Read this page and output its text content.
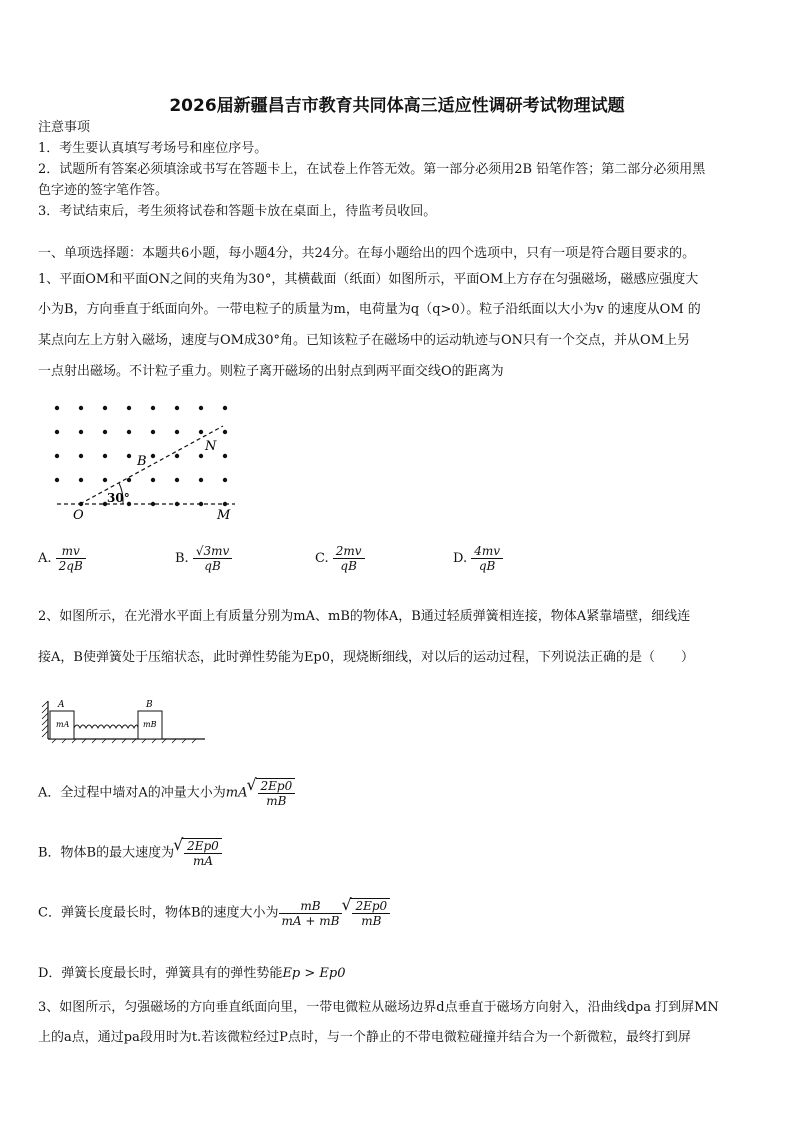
2026届新疆昌吉市教育共同体高三适应性调研考试物理试题
注意事项
1．考生要认真填写考场号和座位序号。
2．试题所有答案必须填涂或书写在答题卡上，在试卷上作答无效。第一部分必须用2B 铅笔作答；第二部分必须用黑
色字迹的签字笔作答。
3．考试结束后，考生须将试卷和答题卡放在桌面上，待监考员收回。
一、单项选择题：本题共6小题，每小题4分，共24分。在每小题给出的四个选项中，只有一项是符合题目要求的。
1、平面OM和平面ON之间的夹角为30°，其横截面（纸面）如图所示，平面OM上方存在匀强磁场，磁感应强度大
小为B，方向垂直于纸面向外。一带电粒子的质量为m，电荷量为q（q>0）。粒子沿纸面以大小为v 的速度从OM 的
某点向左上方射入磁场，速度与OM成30°角。已知该粒子在磁场中的运动轨迹与ON只有一个交点，并从OM上另
一点射出磁场。不计粒子重力。则粒子离开磁场的出射点到两平面交线O的距离为
B
N
O	M
30°
A. $\frac{mv}{2qB}$	B. $\frac{√3mv}{qB}$	C. $\frac{2mv}{qB}$	D. $\frac{4mv}{qB}$
2、如图所示，在光滑水平面上有质量分别为mA、mB的物体A，B通过轻质弹簧相连接，物体A紧靠墙壁，细线连
接A，B使弹簧处于压缩状态，此时弹性势能为Ep0，现烧断细线，对以后的运动过程，下列说法正确的是（　　）
mA	mB
A	B
A．全过程中墙对A的冲量大小为mA √ $\frac{2Ep0}{mB}$
B．物体B的最大速度为 √ $\frac{2Ep0}{mA}$
C．弹簧长度最长时，物体B的速度大小为 $\frac{mB}{mA + mB}$ √ $\frac{2Ep0}{mB}$
D．弹簧长度最长时，弹簧具有的弹性势能Ep > Ep0
3、如图所示，匀强磁场的方向垂直纸面向里，一带电微粒从磁场边界d点垂直于磁场方向射入，沿曲线dpa 打到屏MN
上的a点，通过pa段用时为t.若该微粒经过P点时，与一个静止的不带电微粒碰撞并结合为一个新微粒，最终打到屏
